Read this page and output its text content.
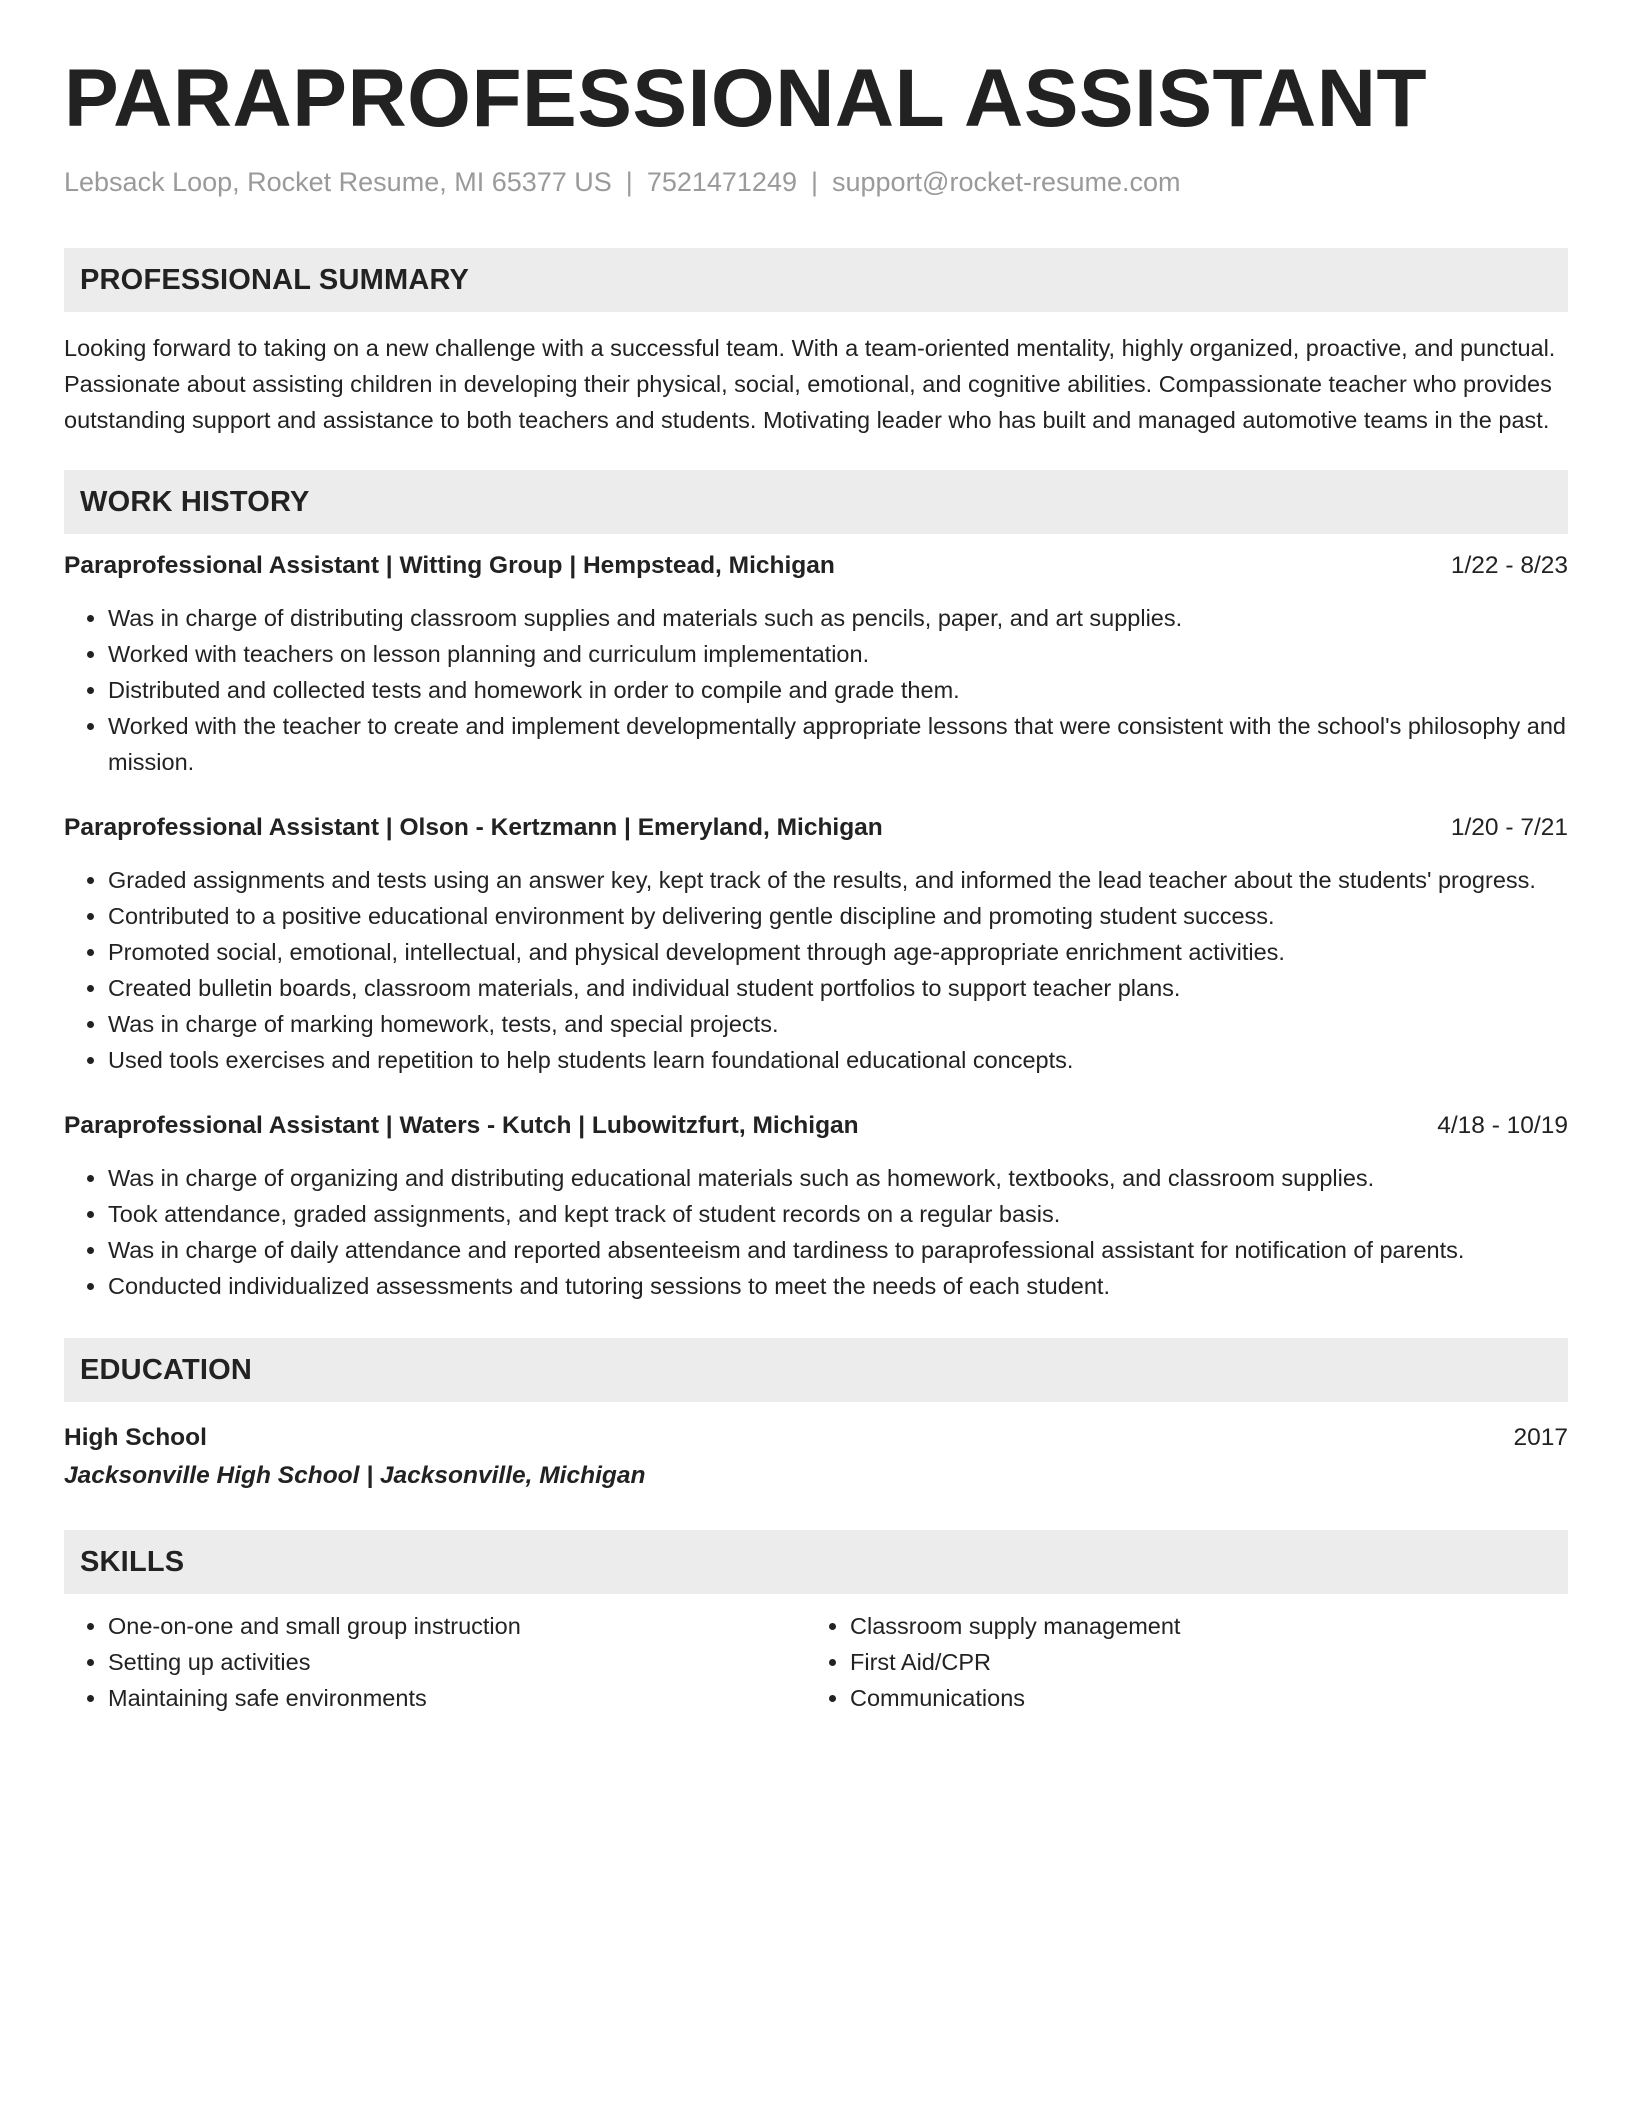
PARAPROFESSIONAL ASSISTANT
Lebsack Loop, Rocket Resume, MI 65377 US | 7521471249 | support@rocket-resume.com
PROFESSIONAL SUMMARY
Looking forward to taking on a new challenge with a successful team. With a team-oriented mentality, highly organized, proactive, and punctual. Passionate about assisting children in developing their physical, social, emotional, and cognitive abilities. Compassionate teacher who provides outstanding support and assistance to both teachers and students. Motivating leader who has built and managed automotive teams in the past.
WORK HISTORY
Paraprofessional Assistant | Witting Group | Hempstead, Michigan	1/22 - 8/23
• Was in charge of distributing classroom supplies and materials such as pencils, paper, and art supplies.
• Worked with teachers on lesson planning and curriculum implementation.
• Distributed and collected tests and homework in order to compile and grade them.
• Worked with the teacher to create and implement developmentally appropriate lessons that were consistent with the school's philosophy and mission.
Paraprofessional Assistant | Olson - Kertzmann | Emeryland, Michigan	1/20 - 7/21
• Graded assignments and tests using an answer key, kept track of the results, and informed the lead teacher about the students' progress.
• Contributed to a positive educational environment by delivering gentle discipline and promoting student success.
• Promoted social, emotional, intellectual, and physical development through age-appropriate enrichment activities.
• Created bulletin boards, classroom materials, and individual student portfolios to support teacher plans.
• Was in charge of marking homework, tests, and special projects.
• Used tools exercises and repetition to help students learn foundational educational concepts.
Paraprofessional Assistant | Waters - Kutch | Lubowitzfurt, Michigan	4/18 - 10/19
• Was in charge of organizing and distributing educational materials such as homework, textbooks, and classroom supplies.
• Took attendance, graded assignments, and kept track of student records on a regular basis.
• Was in charge of daily attendance and reported absenteeism and tardiness to paraprofessional assistant for notification of parents.
• Conducted individualized assessments and tutoring sessions to meet the needs of each student.
EDUCATION
High School	2017
Jacksonville High School | Jacksonville, Michigan
SKILLS
• One-on-one and small group instruction
• Setting up activities
• Maintaining safe environments
• Classroom supply management
• First Aid/CPR
• Communications
